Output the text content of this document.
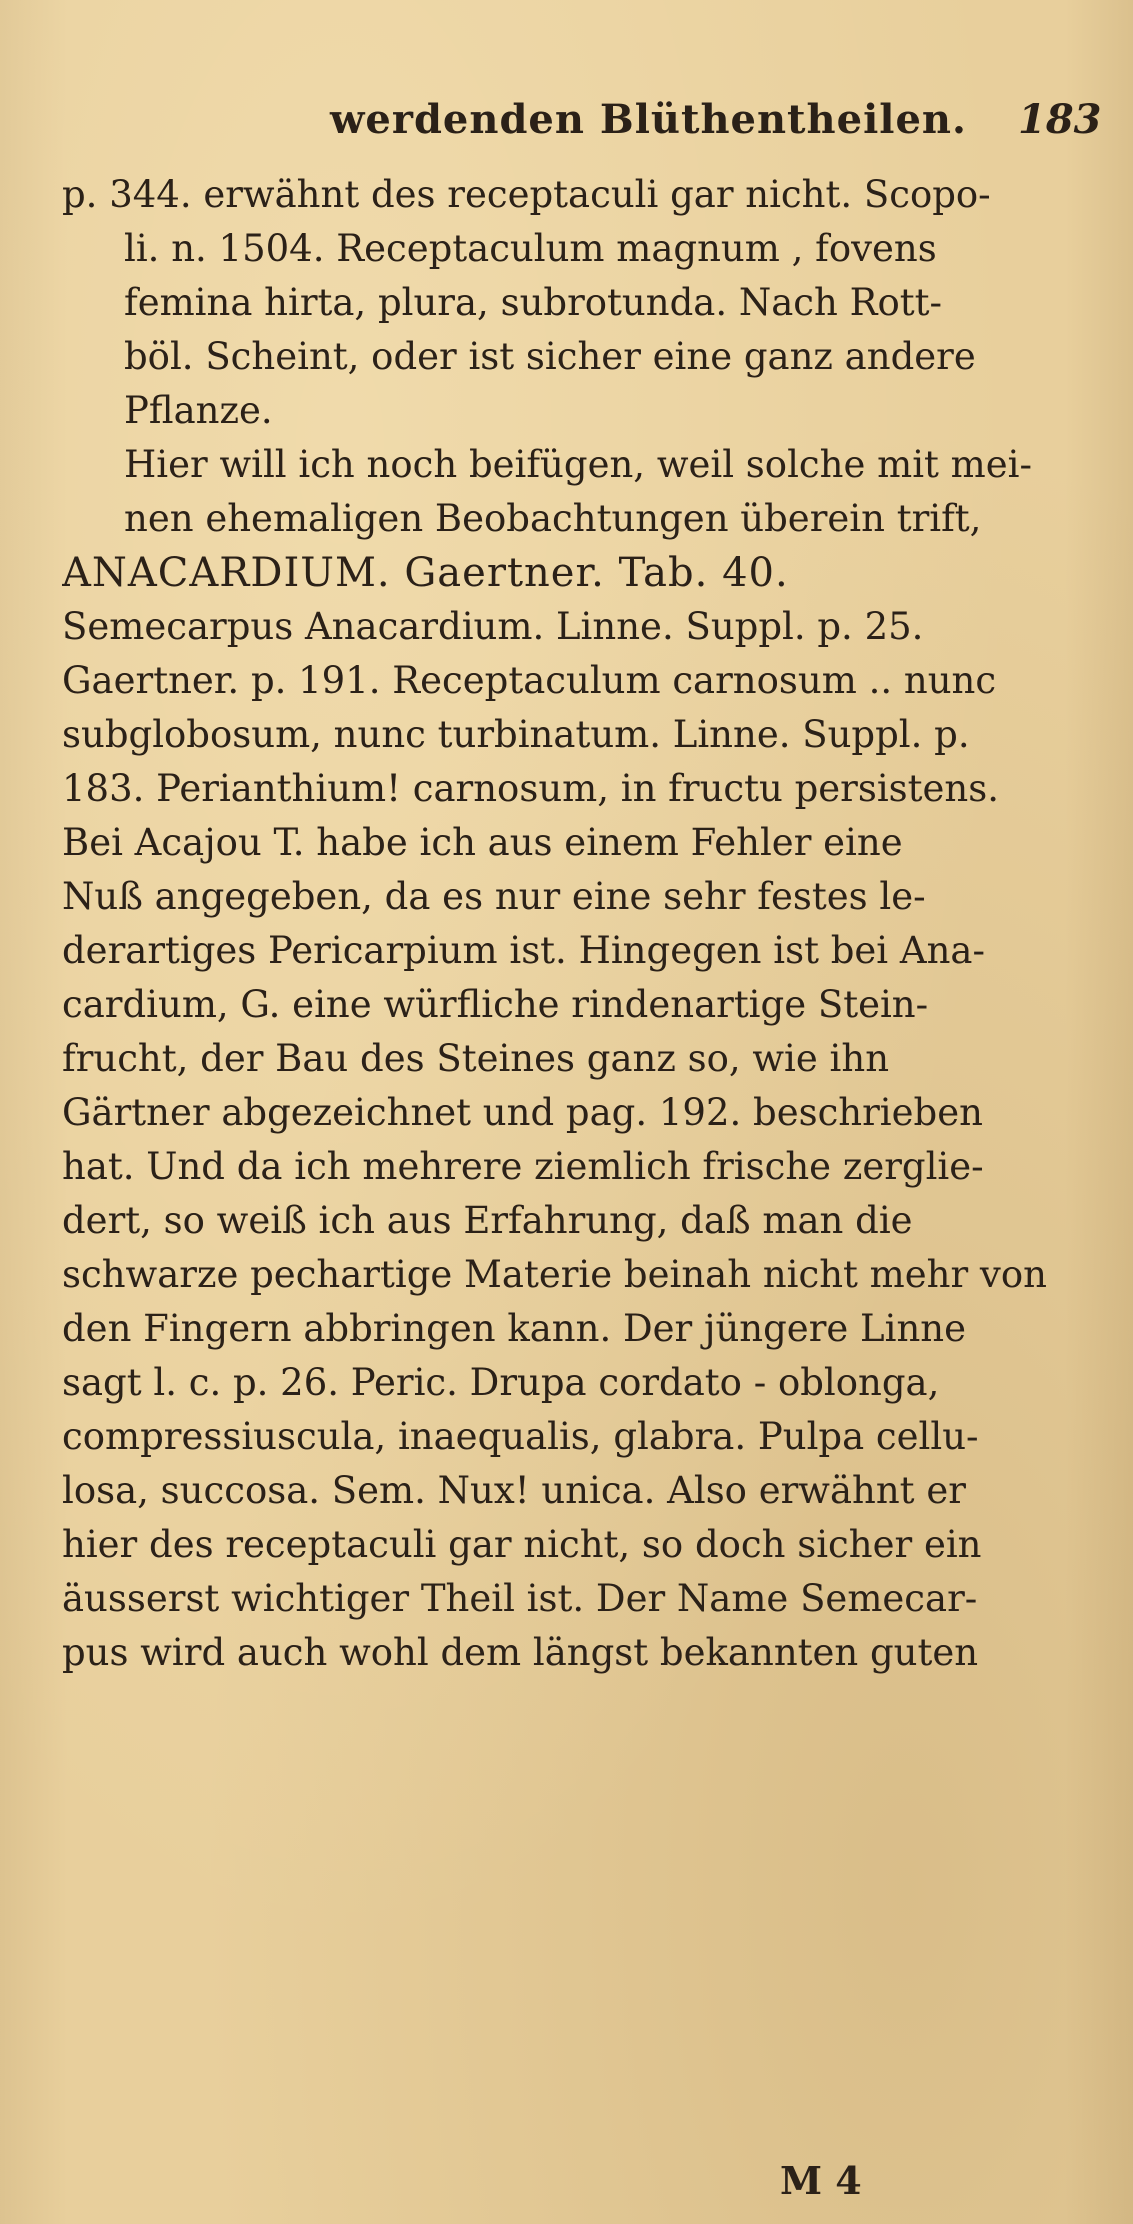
werdenden Blüthentheilen. 183
p. 344. erwähnt des receptaculi gar nicht. Scopo-
li. n. 1504. Receptaculum magnum , fovens
femina hirta, plura, subrotunda. Nach Rott-
böl. Scheint, oder ist sicher eine ganz andere
Pflanze.
Hier will ich noch beifügen, weil solche mit mei-
nen ehemaligen Beobachtungen überein trift,
ANACARDIUM. Gaertner. Tab. 40.
Semecarpus Anacardium. Linne. Suppl. p. 25.
Gaertner. p. 191. Receptaculum carnosum .. nunc
subglobosum, nunc turbinatum. Linne. Suppl. p.
183. Perianthium! carnosum, in fructu persistens.
Bei Acajou T. habe ich aus einem Fehler eine
Nuß angegeben, da es nur eine sehr festes le-
derartiges Pericarpium ist. Hingegen ist bei Ana-
cardium, G. eine würfliche rindenartige Stein-
frucht, der Bau des Steines ganz so, wie ihn
Gärtner abgezeichnet und pag. 192. beschrieben
hat. Und da ich mehrere ziemlich frische zerglie-
dert, so weiß ich aus Erfahrung, daß man die
schwarze pechartige Materie beinah nicht mehr von
den Fingern abbringen kann. Der jüngere Linne
sagt l. c. p. 26. Peric. Drupa cordato - oblonga,
compressiuscula, inaequalis, glabra. Pulpa cellu-
losa, succosa. Sem. Nux! unica. Also erwähnt er
hier des receptaculi gar nicht, so doch sicher ein
äusserst wichtiger Theil ist. Der Name Semecar-
pus wird auch wohl dem längst bekannten guten
M 4
